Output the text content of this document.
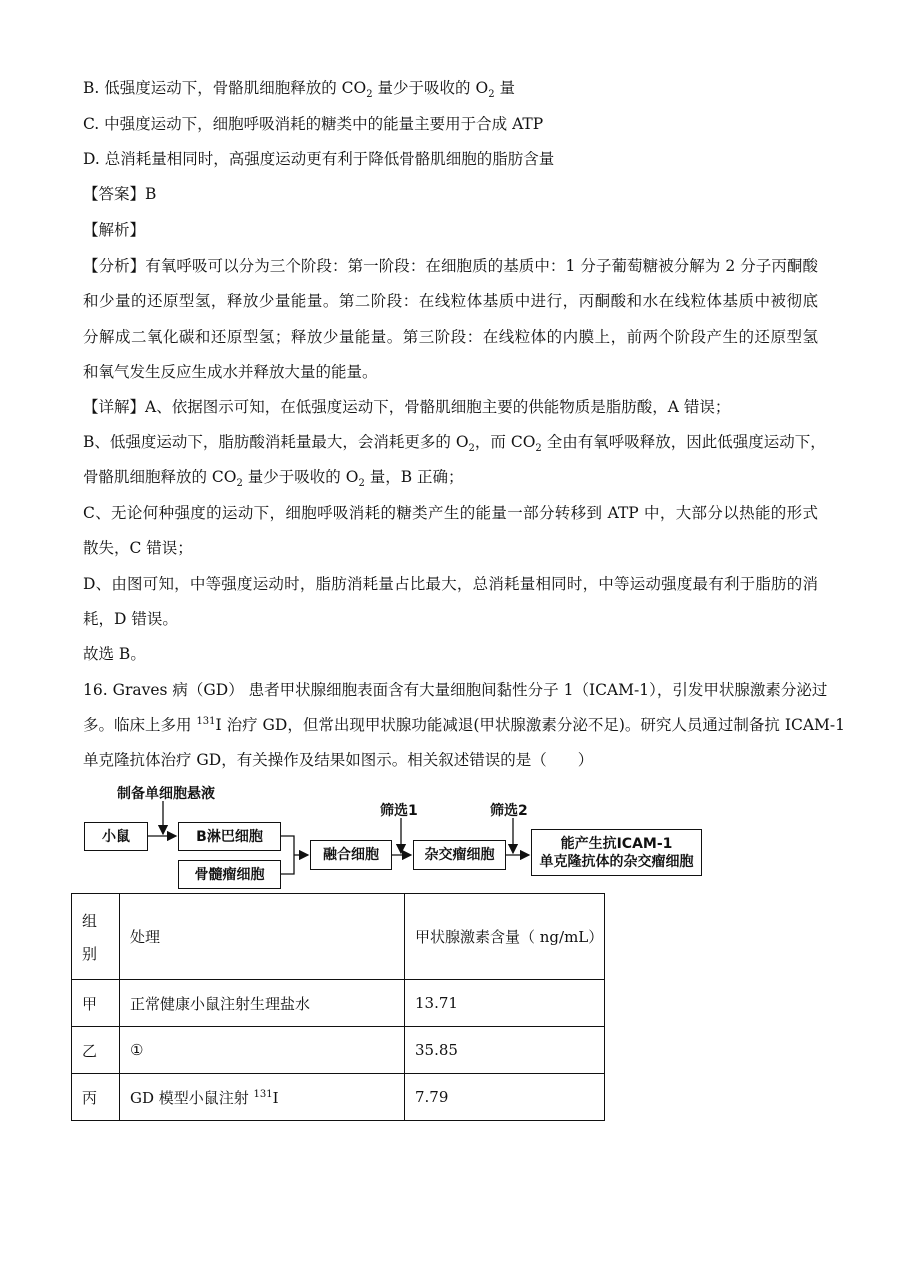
B. 低强度运动下，骨骼肌细胞释放的 $CO_2$ 量少于吸收的 $O_2$ 量
C. 中强度运动下，细胞呼吸消耗的糖类中的能量主要用于合成 ATP
D. 总消耗量相同时，高强度运动更有利于降低骨骼肌细胞的脂肪含量
【答案】B
【解析】
【分析】有氧呼吸可以分为三个阶段：第一阶段：在细胞质的基质中：1 分子葡萄糖被分解为 2 分子丙酮酸
和少量的还原型氢，释放少量能量。第二阶段：在线粒体基质中进行，丙酮酸和水在线粒体基质中被彻底
分解成二氧化碳和还原型氢；释放少量能量。第三阶段：在线粒体的内膜上，前两个阶段产生的还原型氢
和氧气发生反应生成水并释放大量的能量。
【详解】A、依据图示可知，在低强度运动下，骨骼肌细胞主要的供能物质是脂肪酸，A 错误；
B、低强度运动下，脂肪酸消耗量最大，会消耗更多的 $O_2$，而 $CO_2$ 全由有氧呼吸释放，因此低强度运动下，
骨骼肌细胞释放的 $CO_2$ 量少于吸收的 $O_2$ 量，B 正确；
C、无论何种强度的运动下，细胞呼吸消耗的糖类产生的能量一部分转移到 ATP 中，大部分以热能的形式
散失，C 错误；
D、由图可知，中等强度运动时，脂肪消耗量占比最大，总消耗量相同时，中等运动强度最有利于脂肪的消
耗，D 错误。
故选 B。
16. Graves 病（GD） 患者甲状腺细胞表面含有大量细胞间黏性分子 1（ICAM-1），引发甲状腺激素分泌过
多。临床上多用 $^{131}$I 治疗 GD，但常出现甲状腺功能减退(甲状腺激素分泌不足)。研究人员通过制备抗 ICAM-1
单克隆抗体治疗 GD，有关操作及结果如图示。相关叙述错误的是（　　）
制备单细胞悬液
筛选1	筛选2
小鼠	B淋巴细胞
骨髓瘤细胞
融合细胞	杂交瘤细胞
能产生抗ICAM-1
单克隆抗体的杂交瘤细胞
组
别	处理	甲状腺激素含量（ ng/mL）
甲	正常健康小鼠注射生理盐水	13.71
乙	①	35.85
丙	GD 模型小鼠注射 $^{131}$I	7.79
